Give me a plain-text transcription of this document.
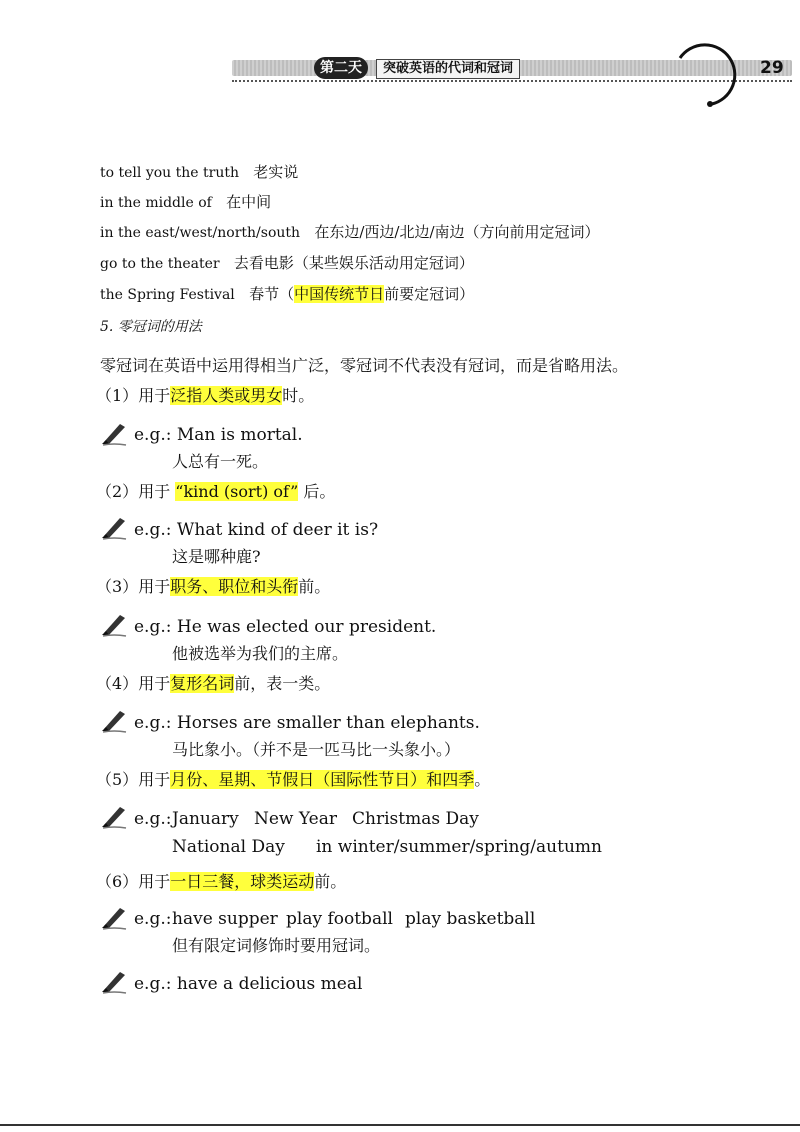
第二天	突破英语的代词和冠词	29
to tell you the truth 老实说
in the middle of 在中间
in the east/west/north/south 在东边/西边/北边/南边（方向前用定冠词）
go to the theater 去看电影（某些娱乐活动用定冠词）
the Spring Festival 春节（中国传统节日前要定冠词）
5. 零冠词的用法
零冠词在英语中运用得相当广泛，零冠词不代表没有冠词，而是省略用法。
（1）用于泛指人类或男女时。
e.g.: Man is mortal.
人总有一死。
（2）用于 “kind (sort) of” 后。
e.g.: What kind of deer it is?
这是哪种鹿?
（3）用于职务、职位和头衔前。
e.g.: He was elected our president.
他被选举为我们的主席。
（4）用于复形名词前，表一类。
e.g.: Horses are smaller than elephants.
马比象小。（并不是一匹马比一头象小。）
（5）用于月份、星期、节假日（国际性节日）和四季。
e.g.: January New Year Christmas Day
National Day in winter/summer/spring/autumn
（6）用于一日三餐，球类运动前。
e.g.: have supper play football play basketball
但有限定词修饰时要用冠词。
e.g.: have a delicious meal
